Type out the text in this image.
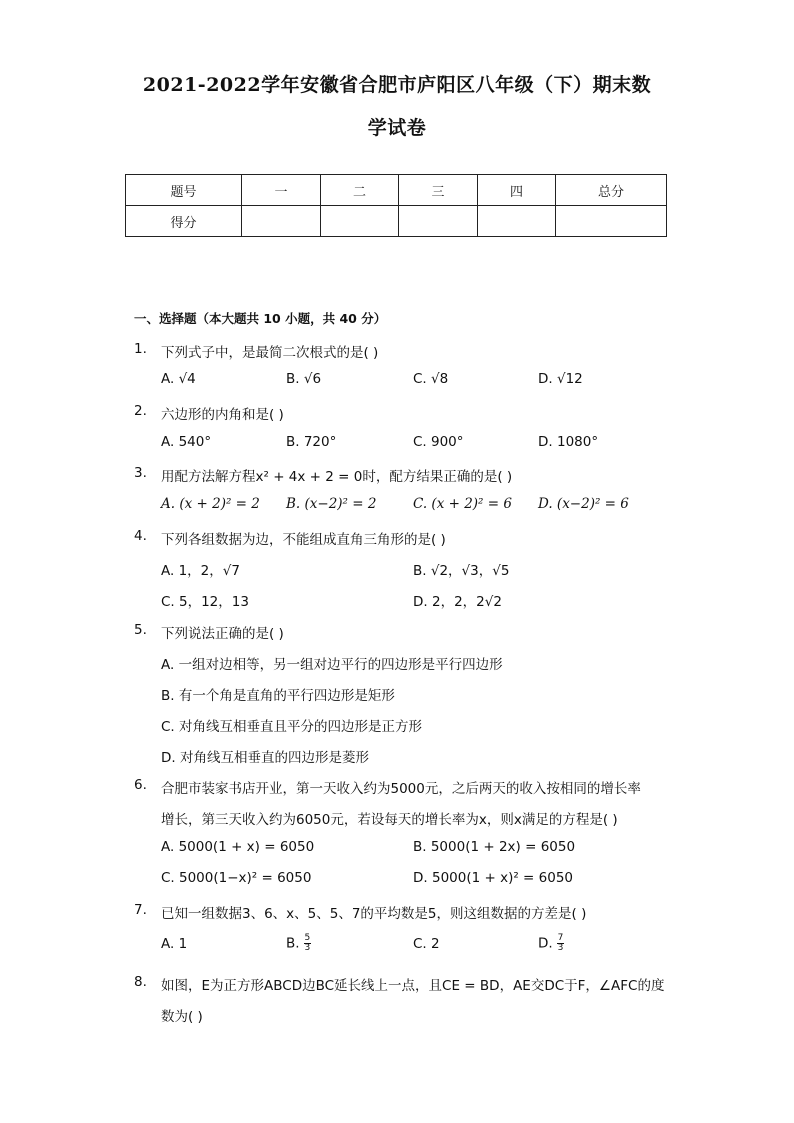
2021-2022学年安徽省合肥市庐阳区八年级（下）期末数
学试卷
题号	一	二	三	四	总分
得分					
一、选择题（本大题共 10 小题，共 40 分）
1. 下列式子中，是最简二次根式的是( )
A. √4	B. √6	C. √8	D. √12
2. 六边形的内角和是( )
A. 540°	B. 720°	C. 900°	D. 1080°
3. 用配方法解方程x² + 4x + 2 = 0时，配方结果正确的是( )
A. (x + 2)² = 2 B. (x−2)² = 2	C. (x + 2)² = 6 D. (x−2)² = 6
4. 下列各组数据为边，不能组成直角三角形的是( )
A. 1，2，√7	B. √2，√3，√5
C. 5，12，13	D. 2，2，2√2
5. 下列说法正确的是( )
A. 一组对边相等，另一组对边平行的四边形是平行四边形
B. 有一个角是直角的平行四边形是矩形
C. 对角线互相垂直且平分的四边形是正方形
D. 对角线互相垂直的四边形是菱形
6. 合肥市装家书店开业，第一天收入约为5000元，之后两天的收入按相同的增长率
增长，第三天收入约为6050元，若设每天的增长率为x，则x满足的方程是( )
A. 5000(1 + x) = 6050	B. 5000(1 + 2x) = 6050
C. 5000(1−x)² = 6050	D. 5000(1 + x)² = 6050
7. 已知一组数据3、6、x、5、5、7的平均数是5，则这组数据的方差是( )
A. 1	B. $\frac{5}{3}$	C. 2	D. $\frac{7}{3}$
8. 如图，E为正方形ABCD边BC延长线上一点，且CE = BD，AE交DC于F，∠AFC的度
数为( )
